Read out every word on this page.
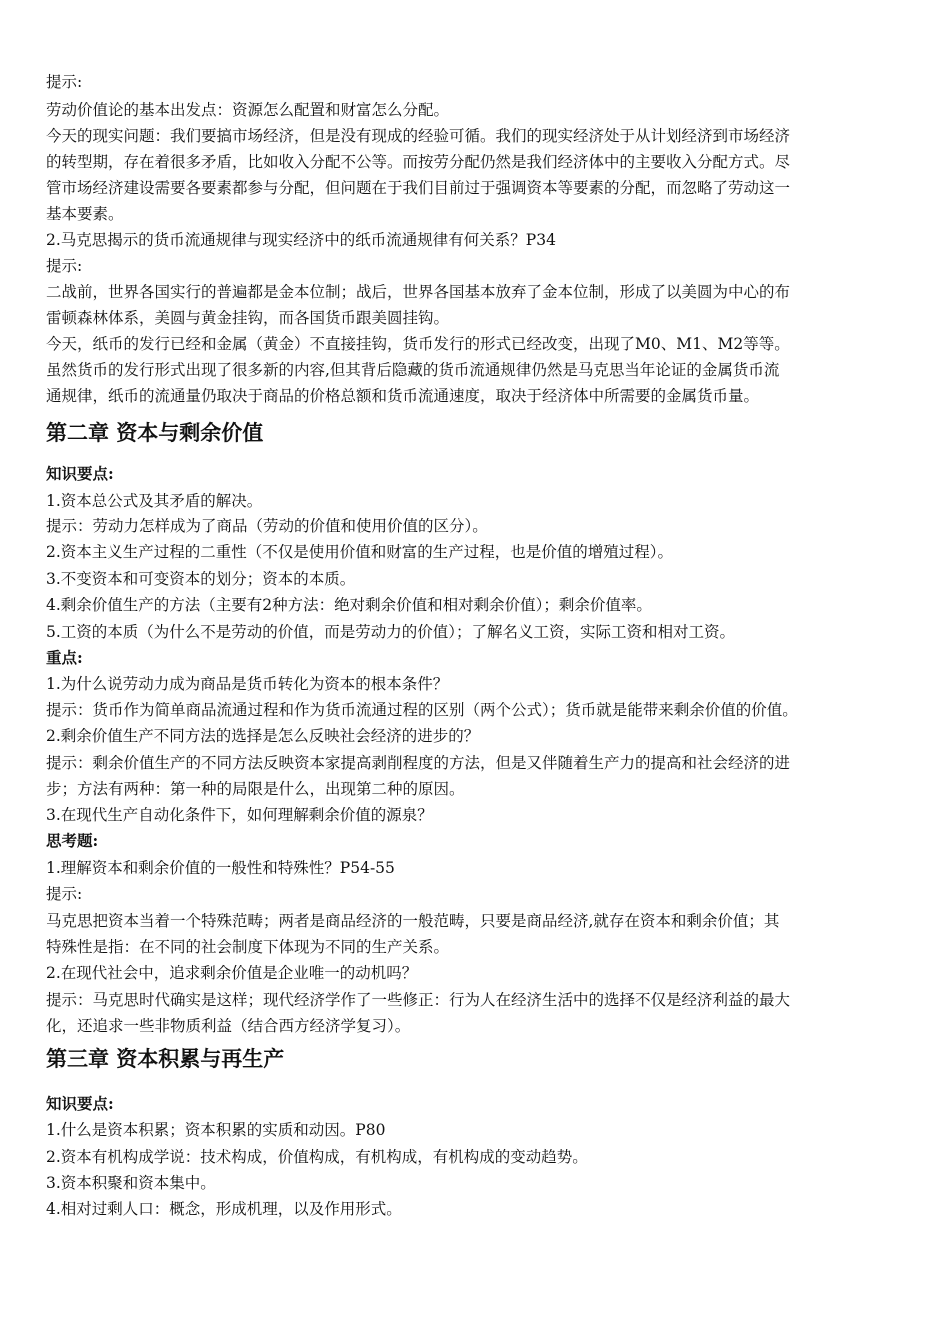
提示:
劳动价值论的基本出发点：资源怎么配置和财富怎么分配。
今天的现实问题：我们要搞市场经济，但是没有现成的经验可循。我们的现实经济处于从计划经济到市场经济
的转型期，存在着很多矛盾，比如收入分配不公等。而按劳分配仍然是我们经济体中的主要收入分配方式。尽
管市场经济建设需要各要素都参与分配，但问题在于我们目前过于强调资本等要素的分配，而忽略了劳动这一
基本要素。
2.马克思揭示的货币流通规律与现实经济中的纸币流通规律有何关系？P34
提示:
二战前，世界各国实行的普遍都是金本位制；战后，世界各国基本放弃了金本位制，形成了以美圆为中心的布
雷顿森林体系，美圆与黄金挂钩，而各国货币跟美圆挂钩。
今天，纸币的发行已经和金属（黄金）不直接挂钩，货币发行的形式已经改变，出现了M0、M1、M2等等。
虽然货币的发行形式出现了很多新的内容,但其背后隐藏的货币流通规律仍然是马克思当年论证的金属货币流
通规律，纸币的流通量仍取决于商品的价格总额和货币流通速度，取决于经济体中所需要的金属货币量。
第二章 资本与剩余价值
知识要点:
1.资本总公式及其矛盾的解决。
提示：劳动力怎样成为了商品（劳动的价值和使用价值的区分）。
2.资本主义生产过程的二重性（不仅是使用价值和财富的生产过程，也是价值的增殖过程）。
3.不变资本和可变资本的划分；资本的本质。
4.剩余价值生产的方法（主要有2种方法：绝对剩余价值和相对剩余价值）；剩余价值率。
5.工资的本质（为什么不是劳动的价值，而是劳动力的价值）；了解名义工资，实际工资和相对工资。
重点:
1.为什么说劳动力成为商品是货币转化为资本的根本条件？
提示：货币作为简单商品流通过程和作为货币流通过程的区别（两个公式）；货币就是能带来剩余价值的价值。
2.剩余价值生产不同方法的选择是怎么反映社会经济的进步的？
提示：剩余价值生产的不同方法反映资本家提高剥削程度的方法，但是又伴随着生产力的提高和社会经济的进
步；方法有两种：第一种的局限是什么，出现第二种的原因。
3.在现代生产自动化条件下，如何理解剩余价值的源泉？
思考题:
1.理解资本和剩余价值的一般性和特殊性？P54-55
提示:
马克思把资本当着一个特殊范畴；两者是商品经济的一般范畴，只要是商品经济,就存在资本和剩余价值；其
特殊性是指：在不同的社会制度下体现为不同的生产关系。
2.在现代社会中，追求剩余价值是企业唯一的动机吗？
提示：马克思时代确实是这样；现代经济学作了一些修正：行为人在经济生活中的选择不仅是经济利益的最大
化，还追求一些非物质利益（结合西方经济学复习）。
第三章 资本积累与再生产
知识要点:
1.什么是资本积累；资本积累的实质和动因。P80
2.资本有机构成学说：技术构成，价值构成，有机构成，有机构成的变动趋势。
3.资本积聚和资本集中。
4.相对过剩人口：概念，形成机理，以及作用形式。
